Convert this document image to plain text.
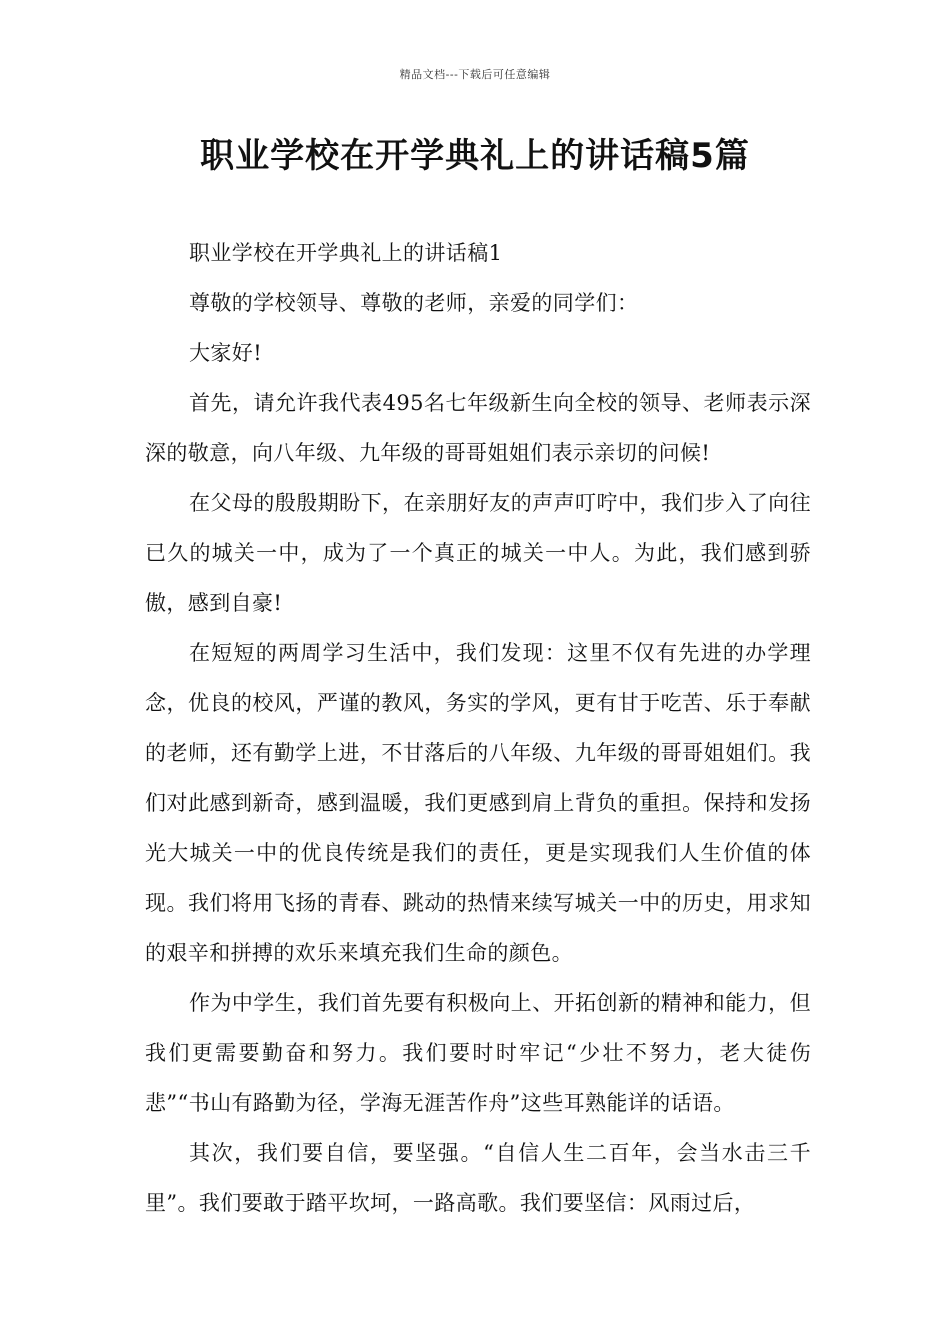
精品文档---下载后可任意编辑
职业学校在开学典礼上的讲话稿5篇

职业学校在开学典礼上的讲话稿1

尊敬的学校领导、尊敬的老师，亲爱的同学们：

大家好!

首先，请允许我代表495名七年级新生向全校的领导、老师表示深深的敬意，向八年级、九年级的哥哥姐姐们表示亲切的问候!

在父母的殷殷期盼下，在亲朋好友的声声叮咛中，我们步入了向往已久的城关一中，成为了一个真正的城关一中人。为此，我们感到骄傲，感到自豪!

在短短的两周学习生活中，我们发现：这里不仅有先进的办学理念，优良的校风，严谨的教风，务实的学风，更有甘于吃苦、乐于奉献的老师，还有勤学上进，不甘落后的八年级、九年级的哥哥姐姐们。我们对此感到新奇，感到温暖，我们更感到肩上背负的重担。保持和发扬光大城关一中的优良传统是我们的责任，更是实现我们人生价值的体现。我们将用飞扬的青春、跳动的热情来续写城关一中的历史，用求知的艰辛和拼搏的欢乐来填充我们生命的颜色。

作为中学生，我们首先要有积极向上、开拓创新的精神和能力，但我们更需要勤奋和努力。我们要时时牢记“少壮不努力，老大徒伤悲”“书山有路勤为径，学海无涯苦作舟”这些耳熟能详的话语。

其次，我们要自信，要坚强。“自信人生二百年，会当水击三千里”。我们要敢于踏平坎坷，一路高歌。我们要坚信：风雨过后，
